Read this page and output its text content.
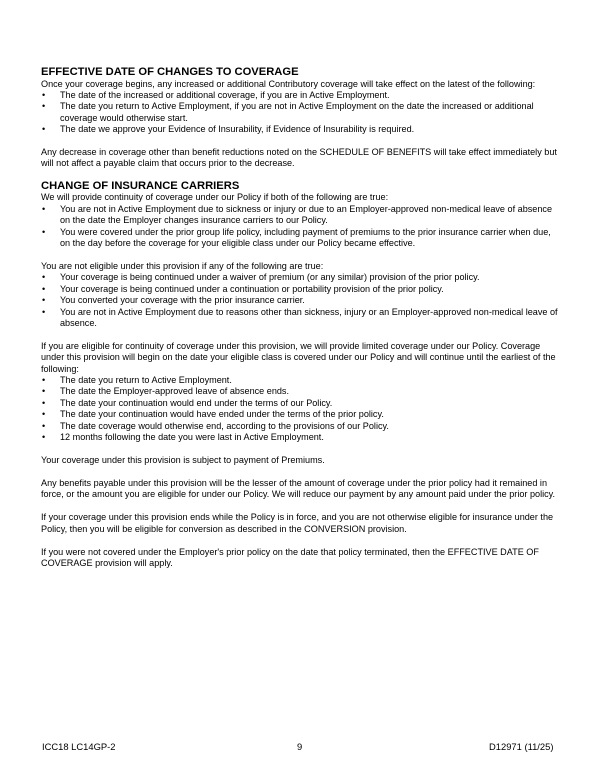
EFFECTIVE DATE OF CHANGES TO COVERAGE

Once your coverage begins, any increased or additional Contributory coverage will take effect on the latest of the following:

• The date of the increased or additional coverage, if you are in Active Employment.
• The date you return to Active Employment, if you are not in Active Employment on the date the increased or additional coverage would otherwise start.
• The date we approve your Evidence of Insurability, if Evidence of Insurability is required.

Any decrease in coverage other than benefit reductions noted on the SCHEDULE OF BENEFITS will take effect immediately but will not affect a payable claim that occurs prior to the decrease.

CHANGE OF INSURANCE CARRIERS

We will provide continuity of coverage under our Policy if both of the following are true:

• You are not in Active Employment due to sickness or injury or due to an Employer-approved non-medical leave of absence on the date the Employer changes insurance carriers to our Policy.
• You were covered under the prior group life policy, including payment of premiums to the prior insurance carrier when due, on the day before the coverage for your eligible class under our Policy became effective.

You are not eligible under this provision if any of the following are true:

• Your coverage is being continued under a waiver of premium (or any similar) provision of the prior policy.
• Your coverage is being continued under a continuation or portability provision of the prior policy.
• You converted your coverage with the prior insurance carrier.
• You are not in Active Employment due to reasons other than sickness, injury or an Employer-approved non-medical leave of absence.

If you are eligible for continuity of coverage under this provision, we will provide limited coverage under our Policy. Coverage under this provision will begin on the date your eligible class is covered under our Policy and will continue until the earliest of the following:

• The date you return to Active Employment.
• The date the Employer-approved leave of absence ends.
• The date your continuation would end under the terms of our Policy.
• The date your continuation would have ended under the terms of the prior policy.
• The date coverage would otherwise end, according to the provisions of our Policy.
• 12 months following the date you were last in Active Employment.

Your coverage under this provision is subject to payment of Premiums.

Any benefits payable under this provision will be the lesser of the amount of coverage under the prior policy had it remained in force, or the amount you are eligible for under our Policy. We will reduce our payment by any amount paid under the prior policy.

If your coverage under this provision ends while the Policy is in force, and you are not otherwise eligible for insurance under the Policy, then you will be eligible for conversion as described in the CONVERSION provision.

If you were not covered under the Employer's prior policy on the date that policy terminated, then the EFFECTIVE DATE OF COVERAGE provision will apply.

ICC18 LC14GP-2	9	D12971 (11/25)
